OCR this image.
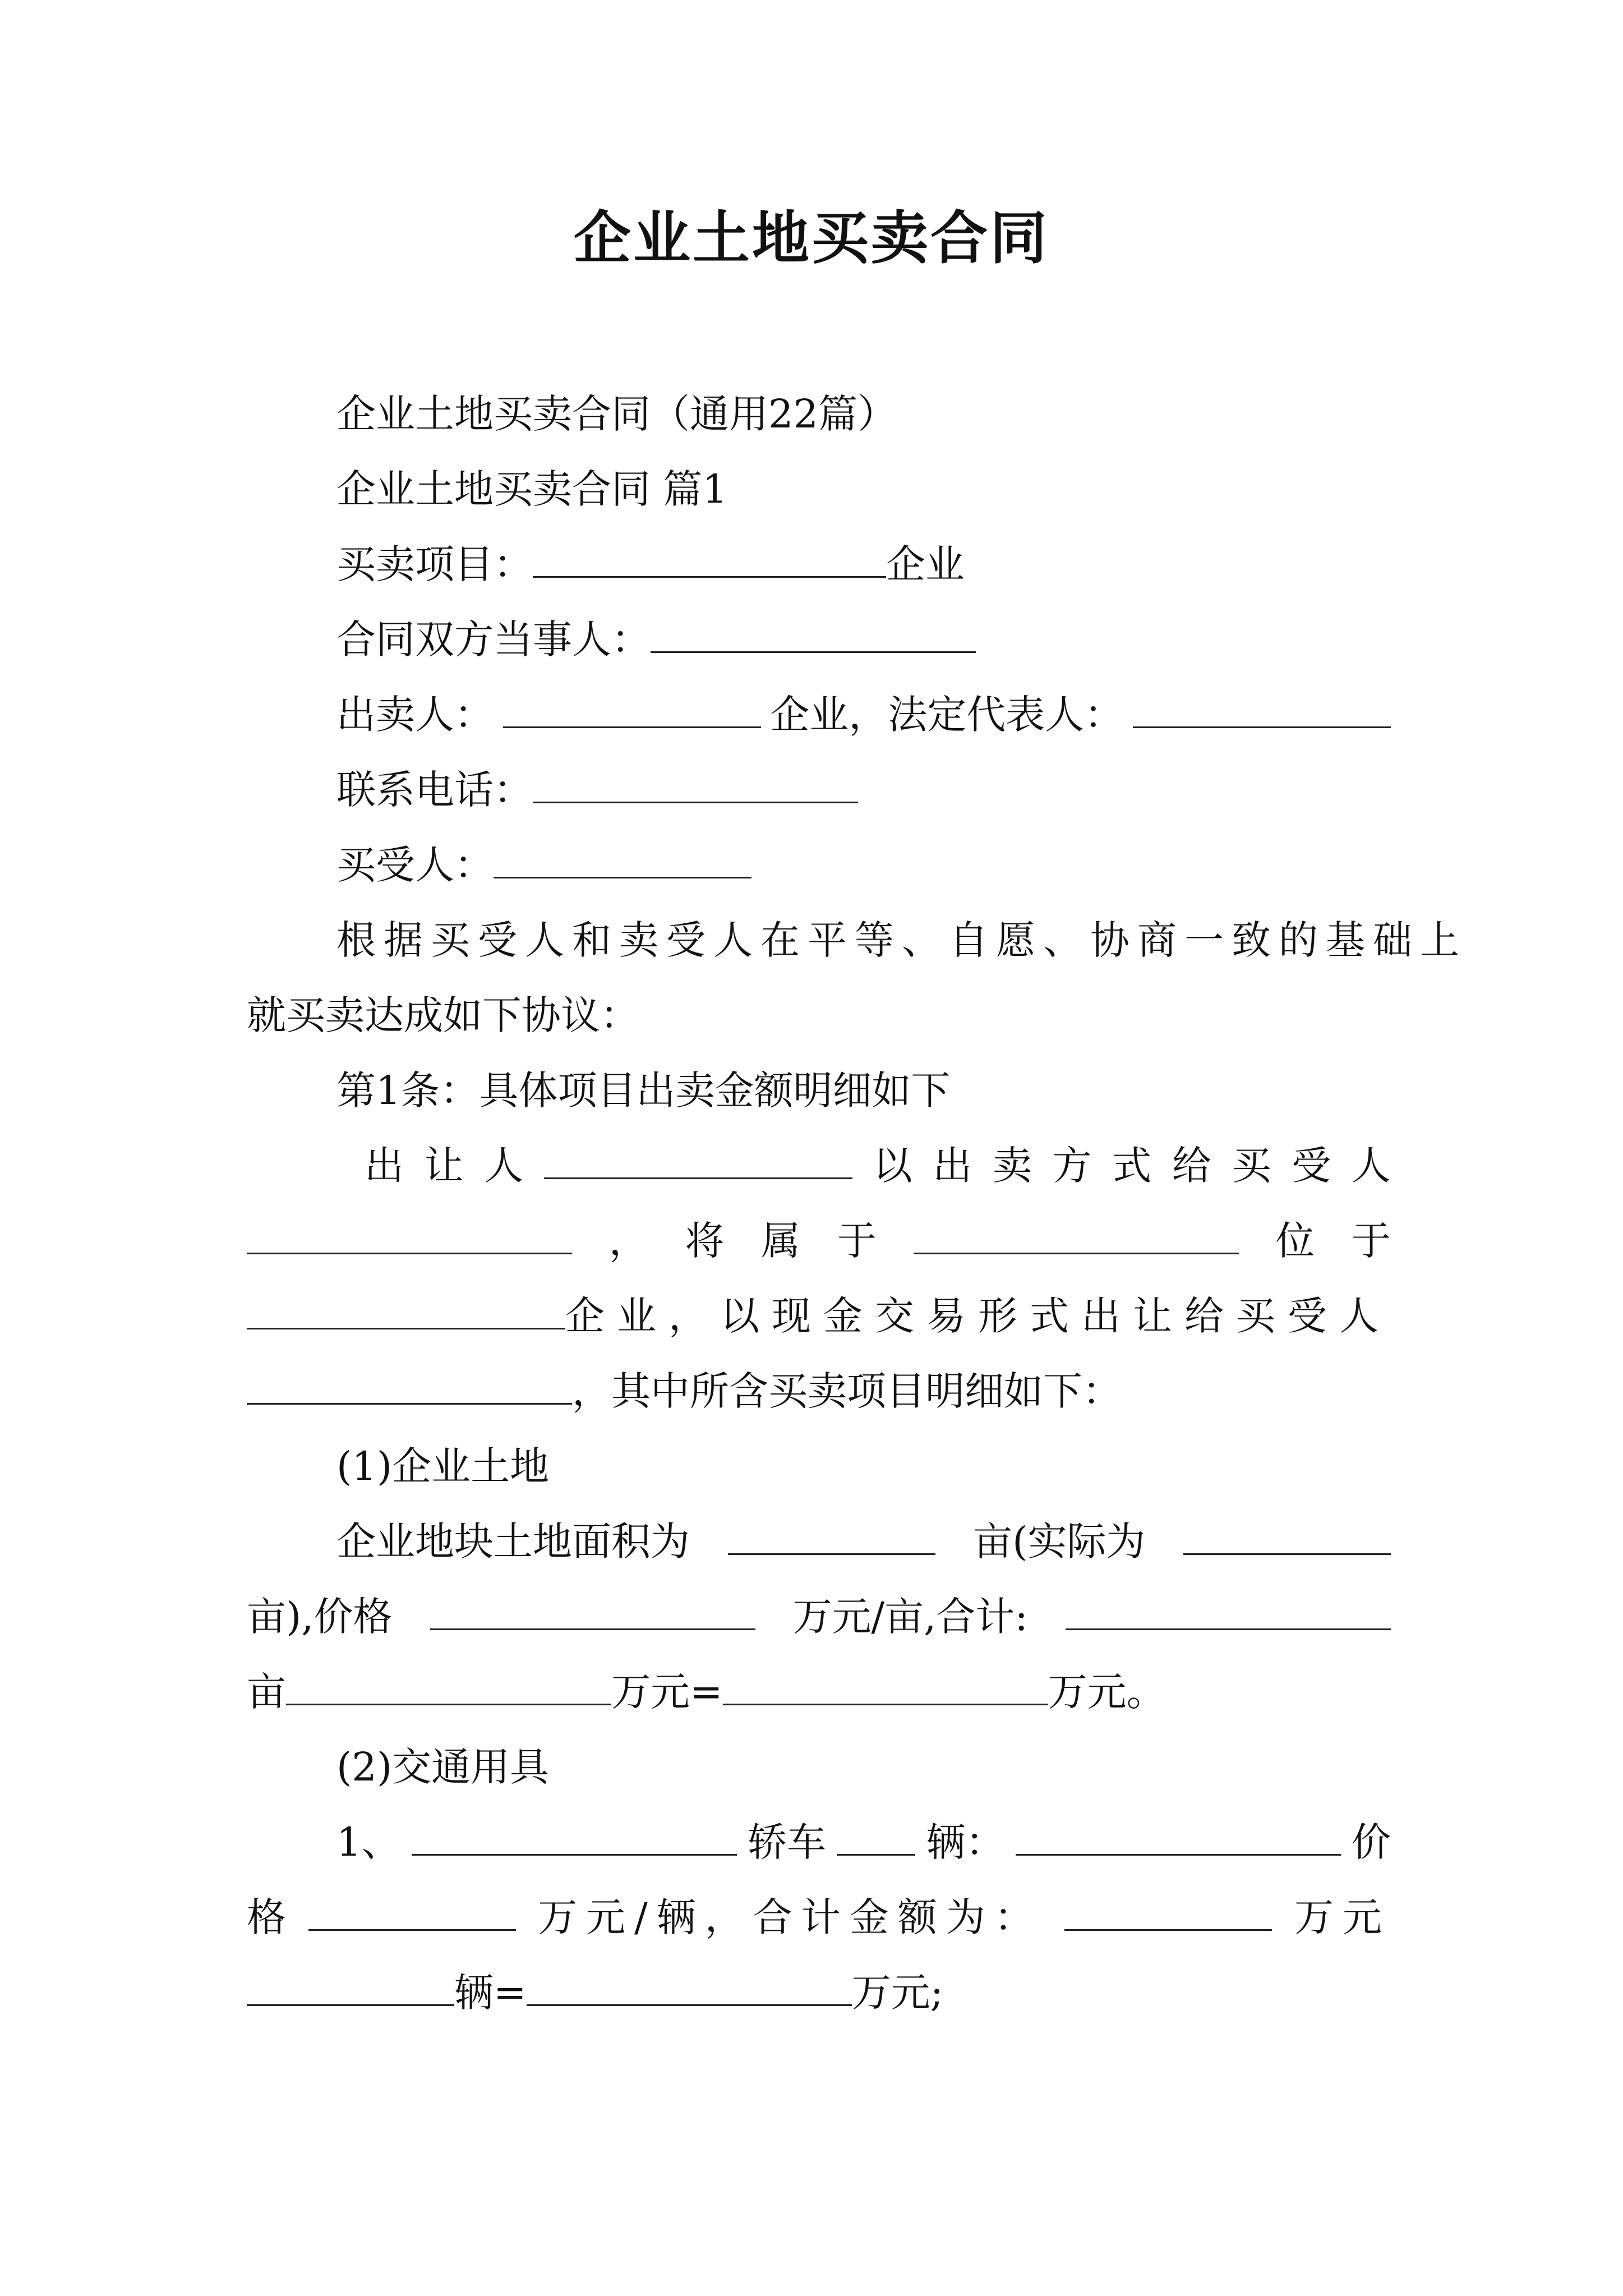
企业土地买卖合同
企业土地买卖合同（通用22篇）
企业土地买卖合同 篇1
买卖项目：	企业
合同双方当事人：
出卖人：	企业，法定代表人：
联系电话：
买受人：
根据买受人和卖受人在平等、自愿、协商一致的基础上
就买卖达成如下协议：
第1条：具体项目出卖金额明细如下
出 让 人	以 出 卖 方 式 给 买 受 人
， 将 属 于	位 于
企业，以现金交易形式出让给买受人
，其中所含买卖项目明细如下：
(1)企业土地
企业地块土地面积为	亩(实际为
亩),价格	万元/亩,合计:
亩	万元=	万元。
(2)交通用具
1、	轿车	辆：	价
格	万元/辆，合计金额为：	万元
辆=	万元;
